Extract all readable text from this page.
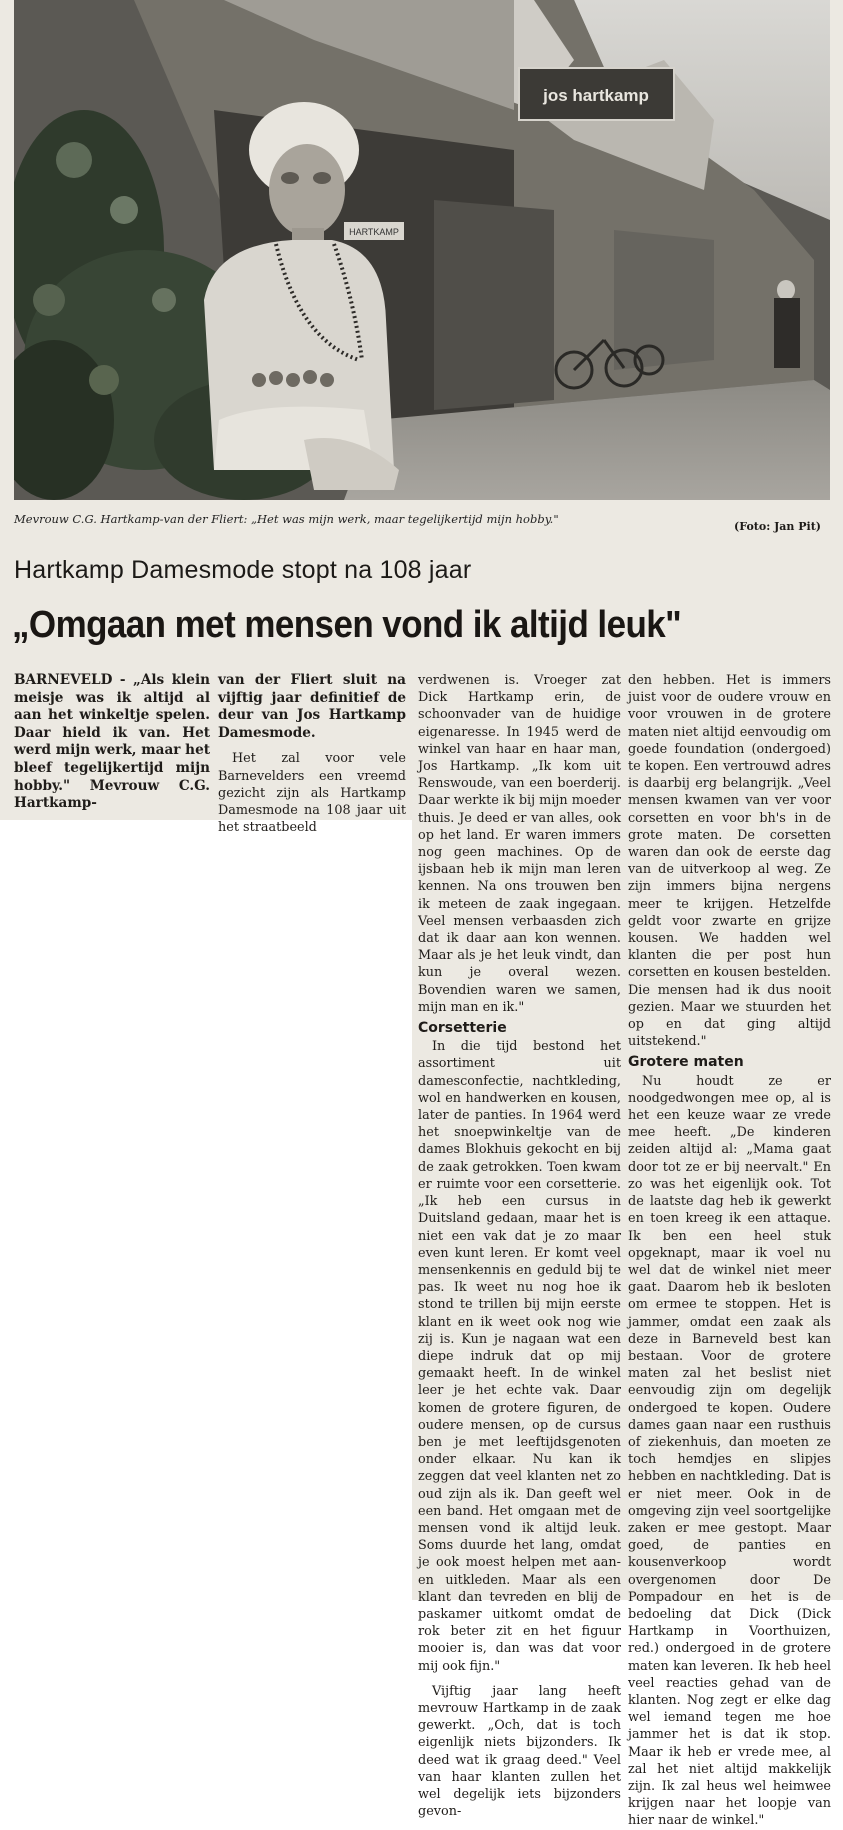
jos hartkamp
HARTKAMP
Mevrouw C.G. Hartkamp-van der Fliert: „Het was mijn werk, maar tegelijkertijd mijn hobby."
(Foto: Jan Pit)
Hartkamp Damesmode stopt na 108 jaar
„Omgaan met mensen vond ik altijd leuk"

BARNEVELD - „Als klein meisje was ik altijd al aan het winkeltje spelen. Daar hield ik van. Het werd mijn werk, maar het bleef tegelijkertijd mijn hobby." Mevrouw C.G. Hartkamp-

van der Fliert sluit na vijftig jaar definitief de deur van Jos Hartkamp Damesmode.

Het zal voor vele Barnevelders een vreemd gezicht zijn als Hartkamp Damesmode na 108 jaar uit het straatbeeld

verdwenen is. Vroeger zat Dick Hartkamp erin, de schoonvader van de huidige eigenaresse. In 1945 werd de winkel van haar en haar man, Jos Hartkamp. „Ik kom uit Renswoude, van een boerderij. Daar werkte ik bij mijn moeder thuis. Je deed er van alles, ook op het land. Er waren immers nog geen machines. Op de ijsbaan heb ik mijn man leren kennen. Na ons trouwen ben ik meteen de zaak ingegaan. Veel mensen verbaasden zich dat ik daar aan kon wennen. Maar als je het leuk vindt, dan kun je overal wezen. Bovendien waren we samen, mijn man en ik."

Corsetterie

In die tijd bestond het assortiment uit damesconfectie, nachtkleding, wol en handwerken en kousen, later de panties. In 1964 werd het snoepwinkeltje van de dames Blokhuis gekocht en bij de zaak getrokken. Toen kwam er ruimte voor een corsetterie. „Ik heb een cursus in Duitsland gedaan, maar het is niet een vak dat je zo maar even kunt leren. Er komt veel mensenkennis en geduld bij te pas. Ik weet nu nog hoe ik stond te trillen bij mijn eerste klant en ik weet ook nog wie zij is. Kun je nagaan wat een diepe indruk dat op mij gemaakt heeft. In de winkel leer je het echte vak. Daar komen de grotere figuren, de oudere mensen, op de cursus ben je met leeftijdsgenoten onder elkaar. Nu kan ik zeggen dat veel klanten net zo oud zijn als ik. Dan geeft wel een band. Het omgaan met de mensen vond ik altijd leuk. Soms duurde het lang, omdat je ook moest helpen met aan- en uitkleden. Maar als een klant dan tevreden en blij de paskamer uitkomt omdat de rok beter zit en het figuur mooier is, dan was dat voor mij ook fijn."

Vijftig jaar lang heeft mevrouw Hartkamp in de zaak gewerkt. „Och, dat is toch eigenlijk niets bijzonders. Ik deed wat ik graag deed." Veel van haar klanten zullen het wel degelijk iets bijzonders gevon-

den hebben. Het is immers juist voor de oudere vrouw en voor vrouwen in de grotere maten niet altijd eenvoudig om goede foundation (ondergoed) te kopen. Een vertrouwd adres is daarbij erg belangrijk. „Veel mensen kwamen van ver voor corsetten en voor bh's in de grote maten. De corsetten waren dan ook de eerste dag van de uitverkoop al weg. Ze zijn immers bijna nergens meer te krijgen. Hetzelfde geldt voor zwarte en grijze kousen. We hadden wel klanten die per post hun corsetten en kousen bestelden. Die mensen had ik dus nooit gezien. Maar we stuurden het op en dat ging altijd uitstekend."

Grotere maten

Nu houdt ze er noodgedwongen mee op, al is het een keuze waar ze vrede mee heeft. „De kinderen zeiden altijd al: „Mama gaat door tot ze er bij neervalt." En zo was het eigenlijk ook. Tot de laatste dag heb ik gewerkt en toen kreeg ik een attaque. Ik ben een heel stuk opgeknapt, maar ik voel nu wel dat de winkel niet meer gaat. Daarom heb ik besloten om ermee te stoppen. Het is jammer, omdat een zaak als deze in Barneveld best kan bestaan. Voor de grotere maten zal het beslist niet eenvoudig zijn om degelijk ondergoed te kopen. Oudere dames gaan naar een rusthuis of ziekenhuis, dan moeten ze toch hemdjes en slipjes hebben en nachtkleding. Dat is er niet meer. Ook in de omgeving zijn veel soortgelijke zaken er mee gestopt. Maar goed, de panties en kousenverkoop wordt overgenomen door De Pompadour en het is de bedoeling dat Dick (Dick Hartkamp in Voorthuizen, red.) ondergoed in de grotere maten kan leveren. Ik heb heel veel reacties gehad van de klanten. Nog zegt er elke dag wel iemand tegen me hoe jammer het is dat ik stop. Maar ik heb er vrede mee, al zal het niet altijd makkelijk zijn. Ik zal heus wel heimwee krijgen naar het loopje van hier naar de winkel."
